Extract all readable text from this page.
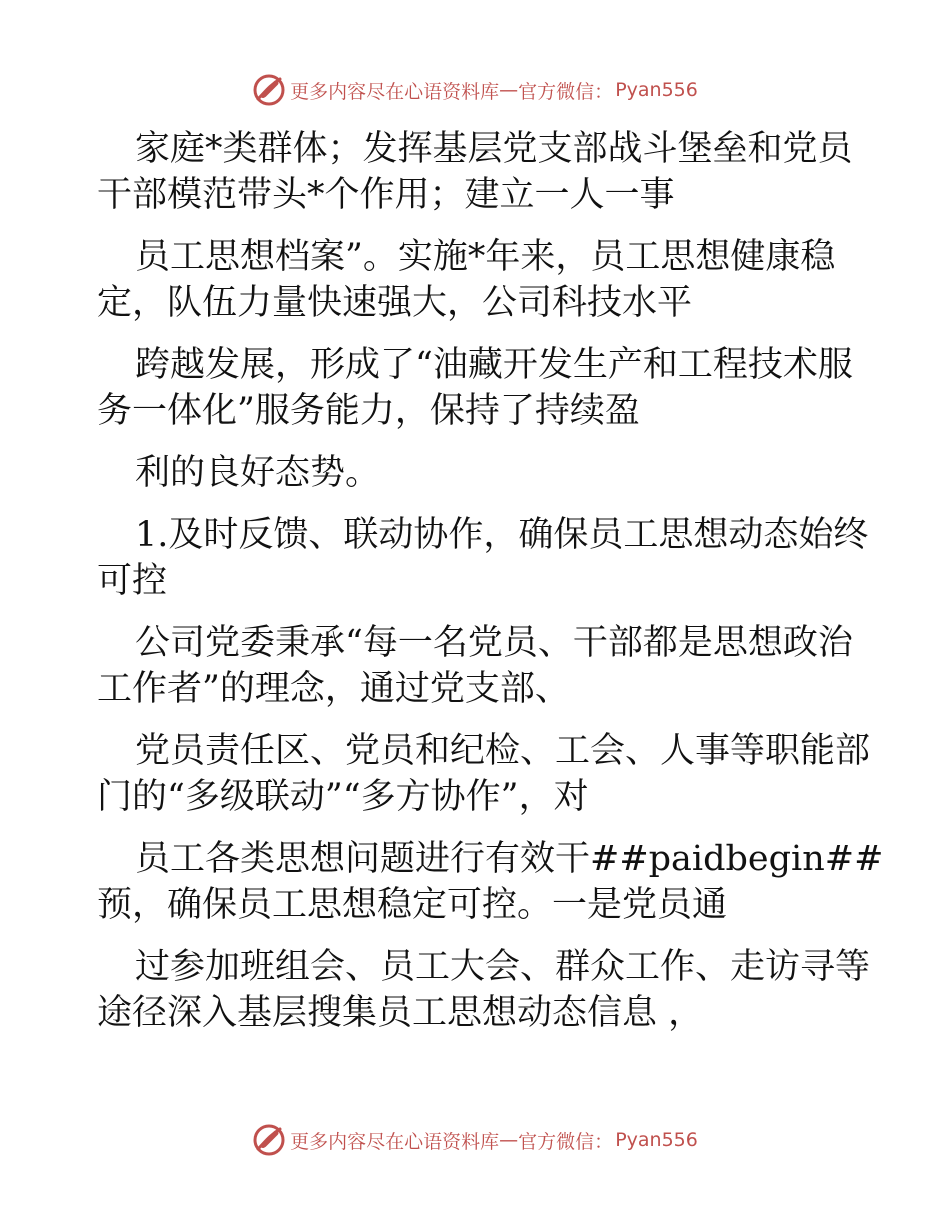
更多内容尽在心语资料库 — 官方微信： Pyan556
家庭*类群体；发挥基层党支部战斗堡垒和党员
干部模范带头*个作用；建立一人一事
员工思想档案”。实施*年来，员工思想健康稳
定，队伍力量快速强大，公司科技水平
跨越发展，形成了“油藏开发生产和工程技术服
务一体化”服务能力，保持了持续盈
利的良好态势。
1.及时反馈、联动协作，确保员工思想动态始终
可控
公司党委秉承“每一名党员、干部都是思想政治
工作者”的理念，通过党支部、
党员责任区、党员和纪检、工会、人事等职能部
门的“多级联动”“多方协作”，对
员工各类思想问题进行有效干##paidbegin##
预，确保员工思想稳定可控。一是党员通
过参加班组会、员工大会、群众工作、走访寻等
途径深入基层搜集员工思想动态信息 ，
更多内容尽在心语资料库 — 官方微信： Pyan556
